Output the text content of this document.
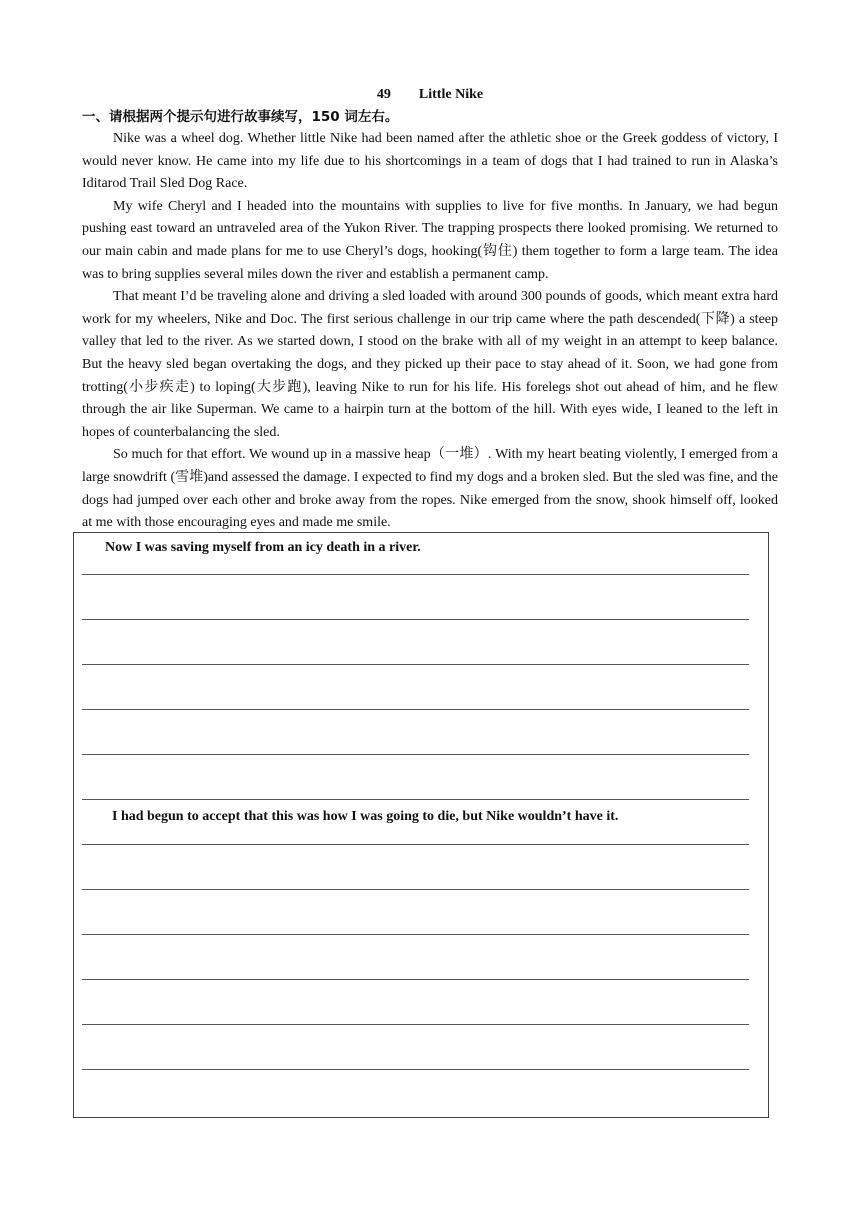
49 Little Nike
一、请根据两个提示句进行故事续写，150 词左右。

Nike was a wheel dog. Whether little Nike had been named after the athletic shoe or the Greek goddess of victory, I would never know. He came into my life due to his shortcomings in a team of dogs that I had trained to run in Alaska’s Iditarod Trail Sled Dog Race.

My wife Cheryl and I headed into the mountains with supplies to live for five months. In January, we had begun pushing east toward an untraveled area of the Yukon River. The trapping prospects there looked promising. We returned to our main cabin and made plans for me to use Cheryl’s dogs, hooking(钩住) them together to form a large team. The idea was to bring supplies several miles down the river and establish a permanent camp.

That meant I’d be traveling alone and driving a sled loaded with around 300 pounds of goods, which meant extra hard work for my wheelers, Nike and Doc. The first serious challenge in our trip came where the path descended(下降) a steep valley that led to the river. As we started down, I stood on the brake with all of my weight in an attempt to keep balance. But the heavy sled began overtaking the dogs, and they picked up their pace to stay ahead of it. Soon, we had gone from trotting(小步疾走) to loping(大步跑), leaving Nike to run for his life. His forelegs shot out ahead of him, and he flew through the air like Superman. We came to a hairpin turn at the bottom of the hill. With eyes wide, I leaned to the left in hopes of counterbalancing the sled.

So much for that effort. We wound up in a massive heap（一堆）. With my heart beating violently, I emerged from a large snowdrift (雪堆)and assessed the damage. I expected to find my dogs and a broken sled. But the sled was fine, and the dogs had jumped over each other and broke away from the ropes. Nike emerged from the snow, shook himself off, looked at me with those encouraging eyes and made me smile.

Now I was saving myself from an icy death in a river.
I had begun to accept that this was how I was going to die, but Nike wouldn’t have it.
